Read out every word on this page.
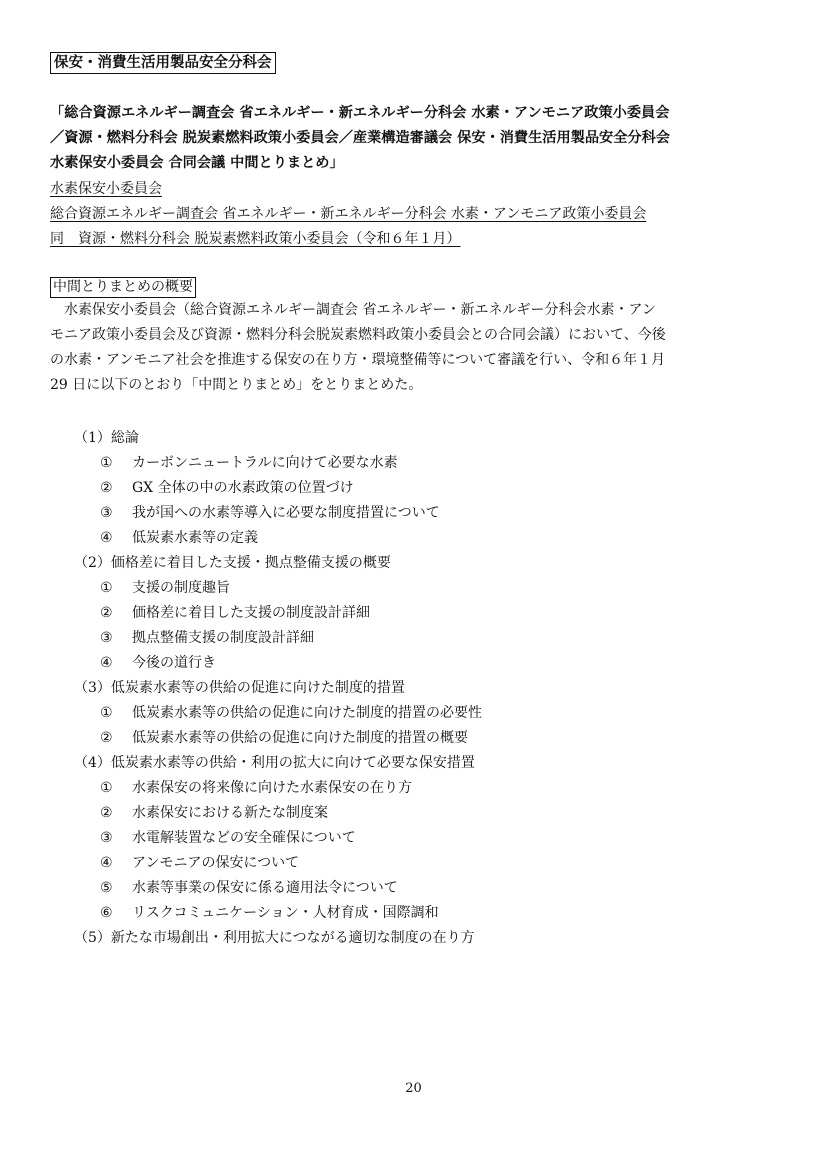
保安・消費生活用製品安全分科会
「総合資源エネルギー調査会 省エネルギー・新エネルギー分科会 水素・アンモニア政策小委員会
／資源・燃料分科会 脱炭素燃料政策小委員会／産業構造審議会 保安・消費生活用製品安全分科会
水素保安小委員会 合同会議 中間とりまとめ」
水素保安小委員会
総合資源エネルギー調査会 省エネルギー・新エネルギー分科会 水素・アンモニア政策小委員会
同　資源・燃料分科会 脱炭素燃料政策小委員会（令和６年１月）
中間とりまとめの概要
水素保安小委員会（総合資源エネルギー調査会 省エネルギー・新エネルギー分科会水素・アン
モニア政策小委員会及び資源・燃料分科会脱炭素燃料政策小委員会との合同会議）において、今後
の水素・アンモニア社会を推進する保安の在り方・環境整備等について審議を行い、令和６年１月
29 日に以下のとおり「中間とりまとめ」をとりまとめた。
（1）総論
① カーボンニュートラルに向けて必要な水素
② GX 全体の中の水素政策の位置づけ
③ 我が国への水素等導入に必要な制度措置について
④ 低炭素水素等の定義
（2）価格差に着目した支援・拠点整備支援の概要
① 支援の制度趣旨
② 価格差に着目した支援の制度設計詳細
③ 拠点整備支援の制度設計詳細
④ 今後の道行き
（3）低炭素水素等の供給の促進に向けた制度的措置
① 低炭素水素等の供給の促進に向けた制度的措置の必要性
② 低炭素水素等の供給の促進に向けた制度的措置の概要
（4）低炭素水素等の供給・利用の拡大に向けて必要な保安措置
① 水素保安の将来像に向けた水素保安の在り方
② 水素保安における新たな制度案
③ 水電解装置などの安全確保について
④ アンモニアの保安について
⑤ 水素等事業の保安に係る適用法令について
⑥ リスクコミュニケーション・人材育成・国際調和
（5）新たな市場創出・利用拡大につながる適切な制度の在り方
20
